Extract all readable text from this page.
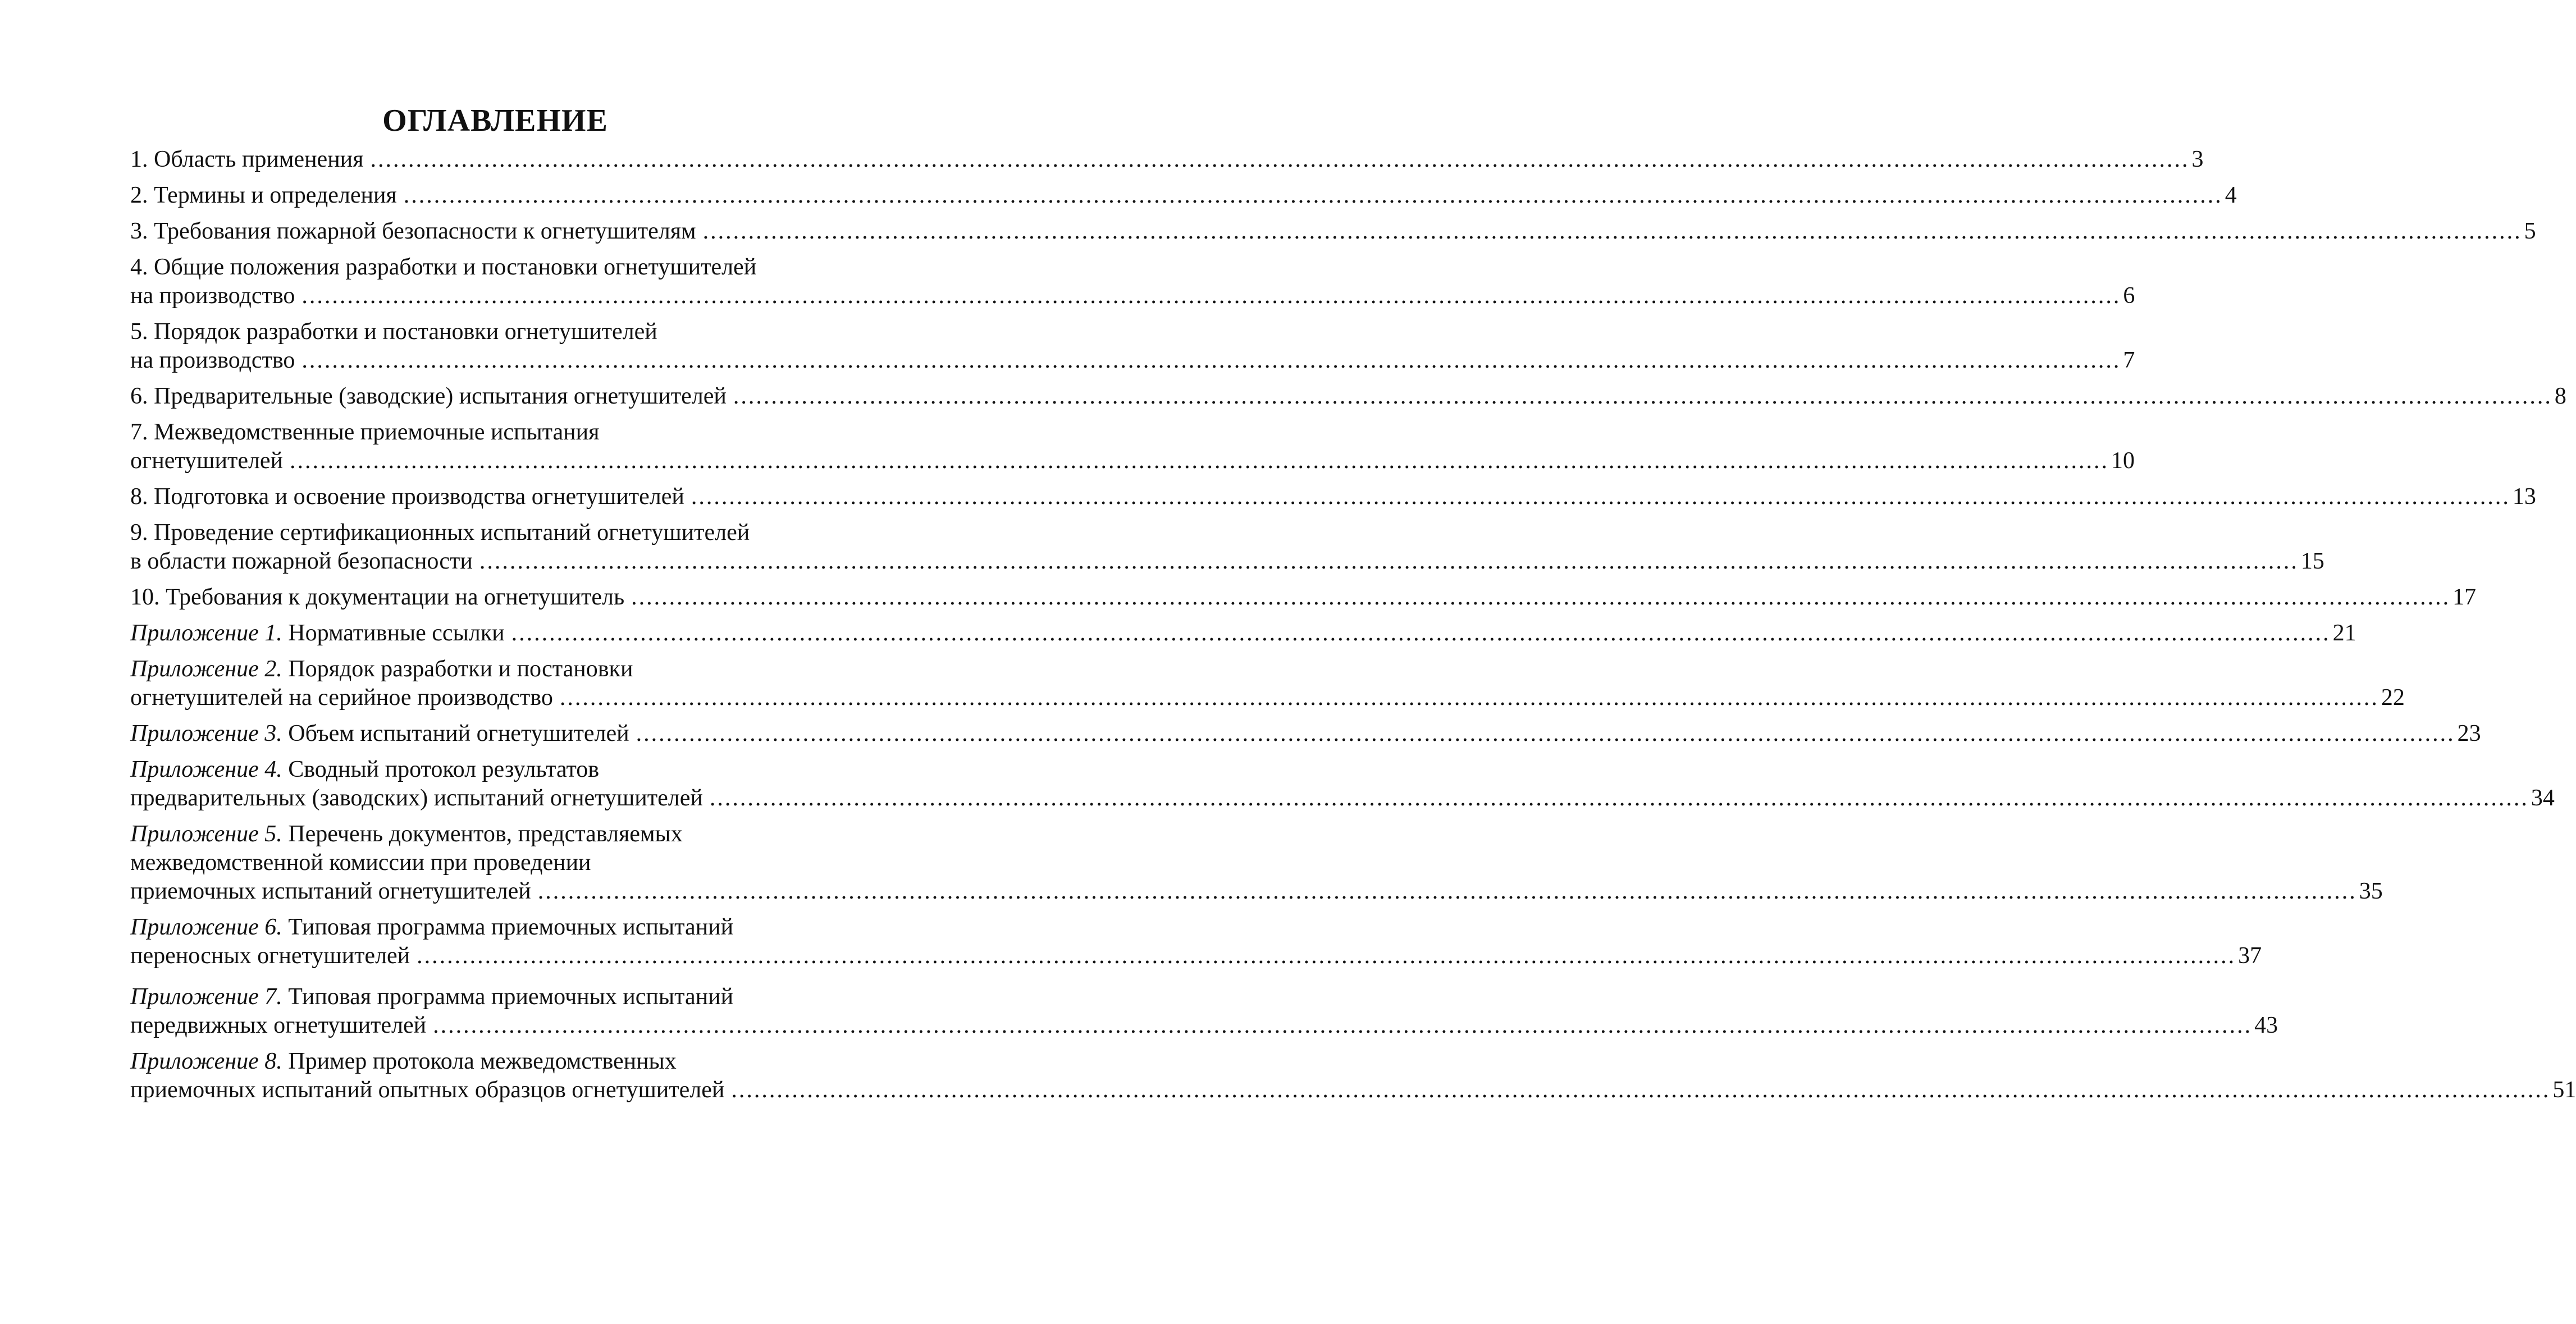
ОГЛАВЛЕНИЕ
1. Область применения ................................................................................................................................................................................................................................................ 3
2. Термины и определения ................................................................................................................................................................................................................................................ 4
3. Требования пожарной безопасности к огнетушителям ................................................................................................................................................................................................................................................ 5
4. Общие положения разработки и постановки огнетушителей
на производство ................................................................................................................................................................................................................................................ 6
5. Порядок разработки и постановки огнетушителей
на производство ................................................................................................................................................................................................................................................ 7
6. Предварительные (заводские) испытания огнетушителей ................................................................................................................................................................................................................................................ 8
7. Межведомственные приемочные испытания
огнетушителей ................................................................................................................................................................................................................................................ 10
8. Подготовка и освоение производства огнетушителей ................................................................................................................................................................................................................................................ 13
9. Проведение сертификационных испытаний огнетушителей
в области пожарной безопасности ................................................................................................................................................................................................................................................ 15
10. Требования к документации на огнетушитель ................................................................................................................................................................................................................................................ 17
Приложение 1. Нормативные ссылки ................................................................................................................................................................................................................................................ 21
Приложение 2. Порядок разработки и постановки
огнетушителей на серийное производство ................................................................................................................................................................................................................................................ 22
Приложение 3. Объем испытаний огнетушителей ................................................................................................................................................................................................................................................ 23
Приложение 4. Сводный протокол результатов
предварительных (заводских) испытаний огнетушителей ................................................................................................................................................................................................................................................ 34
Приложение 5. Перечень документов, представляемых
межведомственной комиссии при проведении
приемочных испытаний огнетушителей ................................................................................................................................................................................................................................................ 35
Приложение 6. Типовая программа приемочных испытаний
переносных огнетушителей ................................................................................................................................................................................................................................................ 37
Приложение 7. Типовая программа приемочных испытаний
передвижных огнетушителей ................................................................................................................................................................................................................................................ 43
Приложение 8. Пример протокола межведомственных
приемочных испытаний опытных образцов огнетушителей ................................................................................................................................................................................................................................................ 51
